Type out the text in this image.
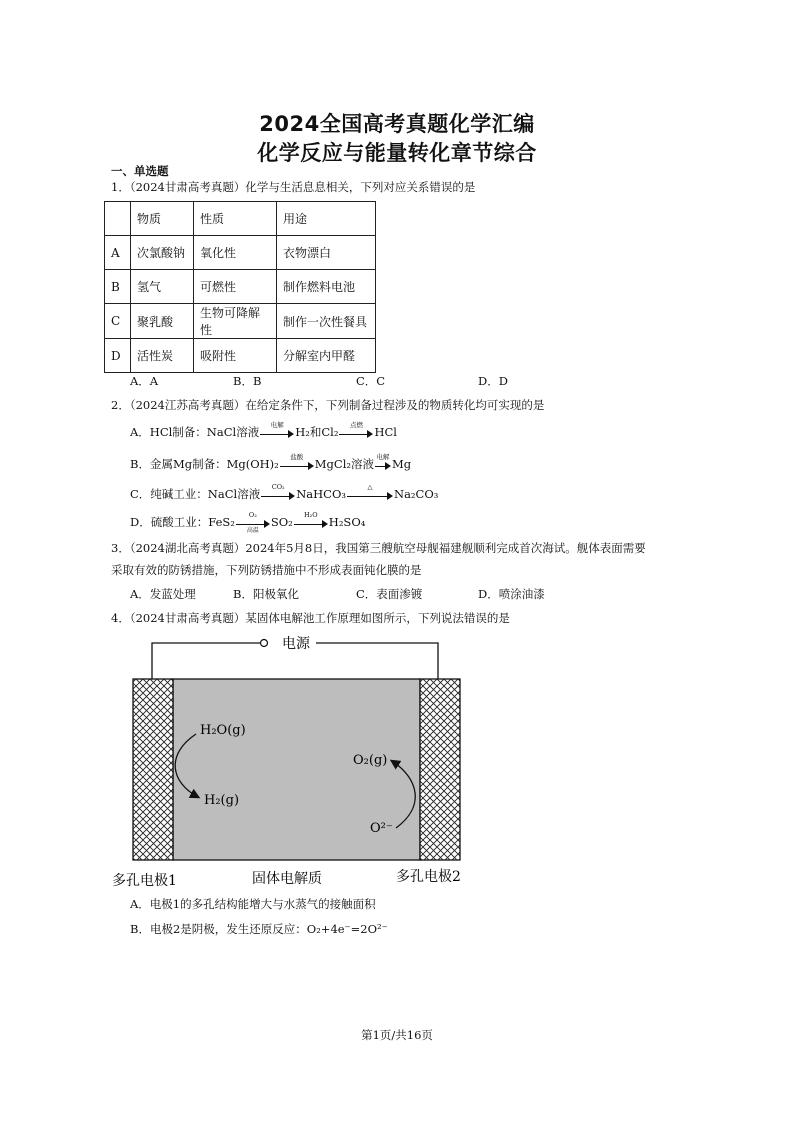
2024全国高考真题化学汇编
化学反应与能量转化章节综合
一、单选题
1．（2024甘肃高考真题）化学与生活息息相关，下列对应关系错误的是
	物质	性质	用途
A	次氯酸钠	氧化性	衣物漂白
B	氢气	可燃性	制作燃料电池
C	聚乳酸	生物可降解性	制作一次性餐具
D	活性炭	吸附性	分解室内甲醛
A．A	B．B	C．C	D．D
2．（2024江苏高考真题）在给定条件下，下列制备过程涉及的物质转化均可实现的是
A．HCl制备：NaCl溶液	电解	H₂和Cl₂	点燃	HCl
B．金属Mg制备：Mg(OH)₂	盐酸	MgCl₂溶液 电解 Mg
C．纯碱工业：NaCl溶液	CO₂	NaHCO₃	△	Na₂CO₃
D．硫酸工业：FeS₂	O₂
高温
SO₂	H₂O H₂SO₄
3．（2024湖北高考真题）2024年5月8日，我国第三艘航空母舰福建舰顺利完成首次海试。舰体表面需要
采取有效的防锈措施，下列防锈措施中不形成表面钝化膜的是
A．发蓝处理	B．阳极氧化	C．表面渗镀	D．喷涂油漆
4．（2024甘肃高考真题）某固体电解池工作原理如图所示，下列说法错误的是
电源
H₂O(g)
H₂(g)
O₂(g)
O²⁻
多孔电极1	固体电解质	多孔电极2
A．电极1的多孔结构能增大与水蒸气的接触面积
B．电极2是阴极，发生还原反应：O₂+4e⁻=2O²⁻
第1页/共16页
